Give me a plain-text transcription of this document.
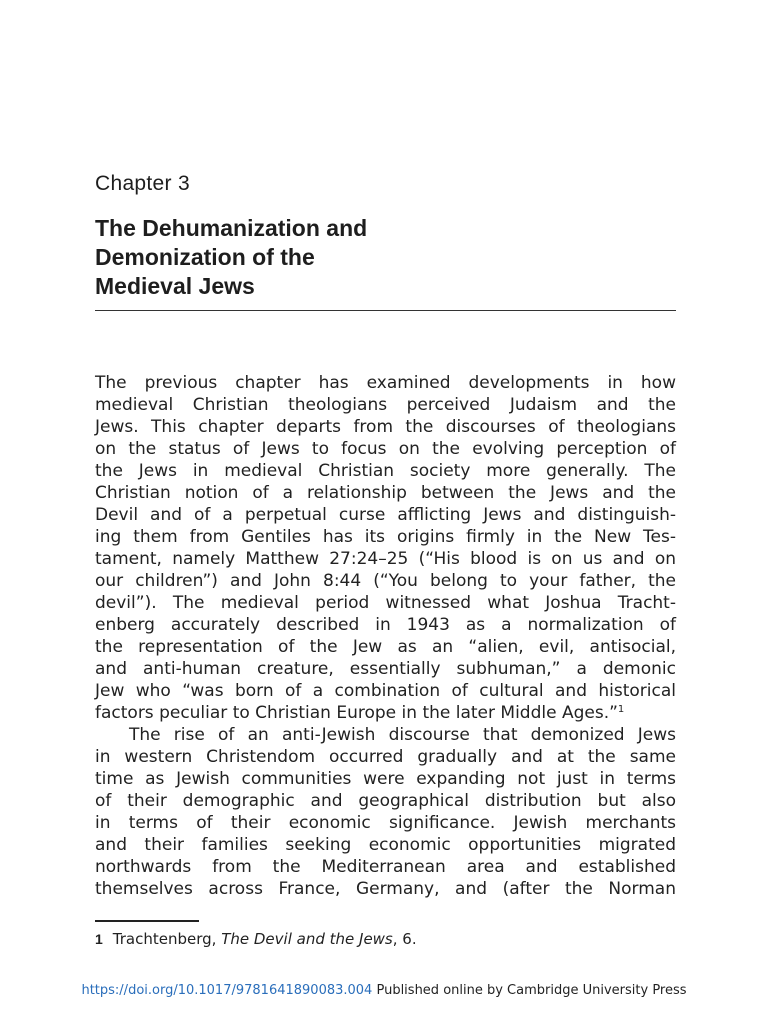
Chapter 3
The Dehumanization and
Demonization of the
Medieval Jews
The previous chapter has examined developments in how
medieval Christian theologians perceived Judaism and the
Jews. This chapter departs from the discourses of theologians
on the status of Jews to focus on the evolving perception of
the Jews in medieval Christian society more generally. The
Christian notion of a relationship between the Jews and the
Devil and of a perpetual curse afflicting Jews and distinguish-
ing them from Gentiles has its origins firmly in the New Tes-
tament, namely Matthew 27:24–25 (“His blood is on us and on
our children”) and John 8:44 (“You belong to your father, the
devil”). The medieval period witnessed what Joshua Tracht-
enberg accurately described in 1943 as a normalization of
the representation of the Jew as an “alien, evil, antisocial,
and anti-human creature, essentially subhuman,” a demonic
Jew who “was born of a combination of cultural and historical
factors peculiar to Christian Europe in the later Middle Ages.”$^1$
The rise of an anti-Jewish discourse that demonized Jews
in western Christendom occurred gradually and at the same
time as Jewish communities were expanding not just in terms
of their demographic and geographical distribution but also
in terms of their economic significance. Jewish merchants
and their families seeking economic opportunities migrated
northwards from the Mediterranean area and established
themselves across France, Germany, and (after the Norman
1 Trachtenberg, The Devil and the Jews, 6.
https://doi.org/10.1017/9781641890083.004 Published online by Cambridge University Press
